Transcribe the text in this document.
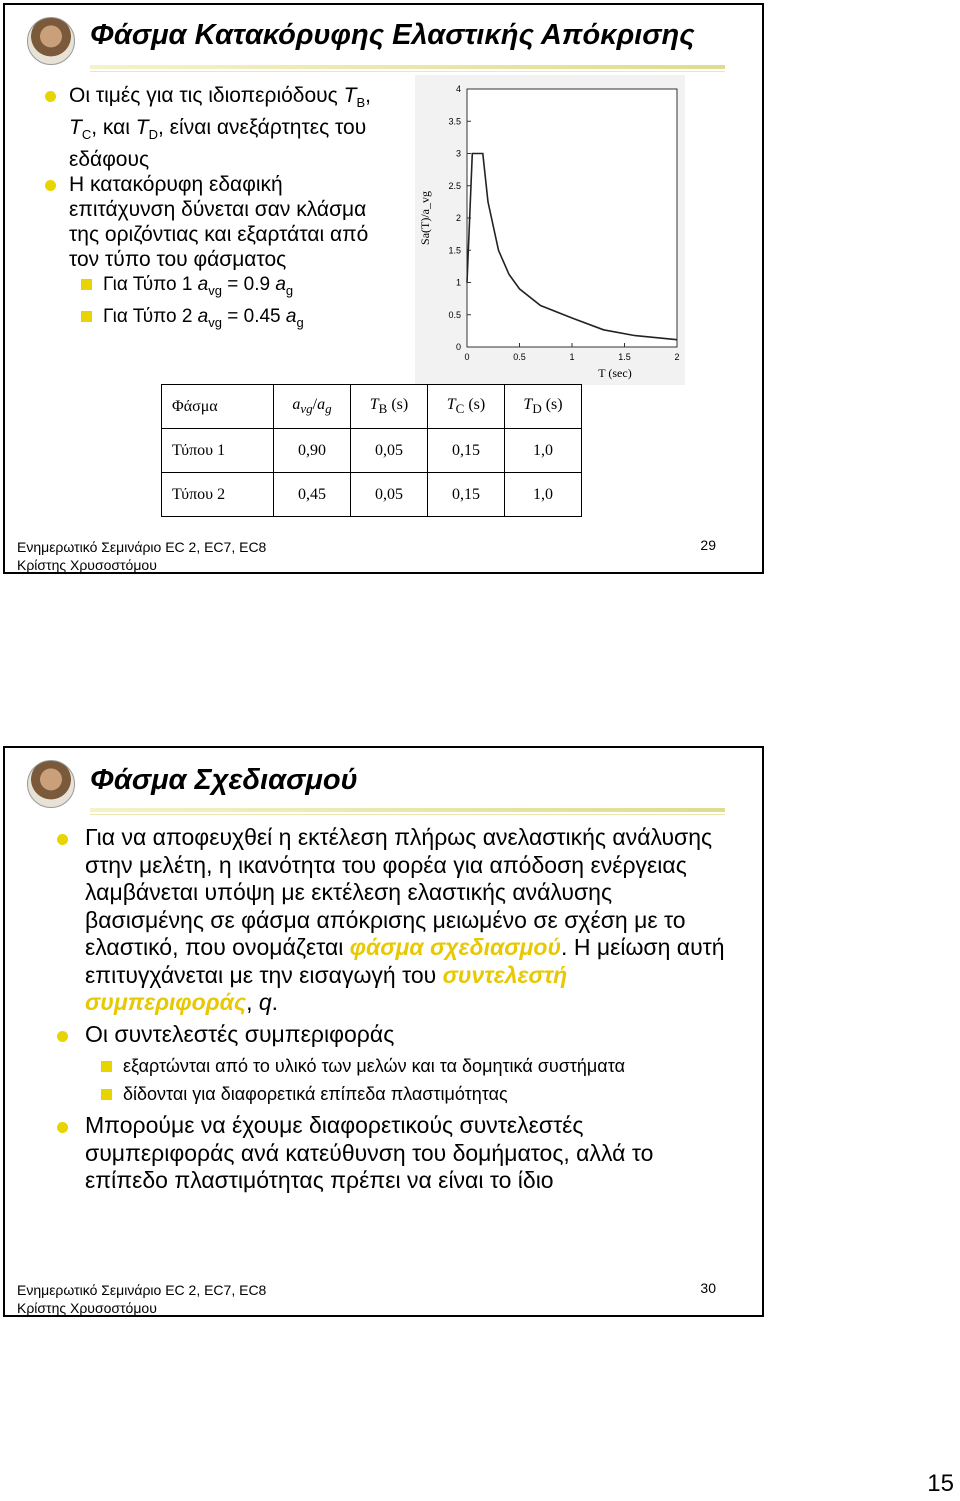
Φάσμα Κατακόρυφης Ελαστικής Απόκρισης
Οι τιμές για τις ιδιοπεριόδους $T_B$, $T_C$, και $T_D$, είναι ανεξάρτητες του εδάφους
Η κατακόρυφη εδαφική επιτάχυνση δύνεται σαν κλάσμα της οριζόντιας και εξαρτάται από τον τύπο του φάσματος
Για Τύπο 1 $a_{vg} = 0.9$ $a_g$
Για Τύπο 2 $a_{vg} = 0.45$ $a_g$
0
0.5
1
1.5
2
2.5
3
3.5
4
0	0.5	1	1.5	2
Sa(T)/a_vg
T (sec)
Φάσμα	$a_{vg}/a_g$	$T_B$ (s)	$T_C$ (s)	$T_D$ (s)
Τύπου 1	0,90	0,05	0,15	1,0
Τύπου 2	0,45	0,05	0,15	1,0
Ενημερωτικό Σεμινάριο EC 2, EC7, EC8
Κρίστης Χρυσοστόμου
29
Φάσμα Σχεδιασμού
Για να αποφευχθεί η εκτέλεση πλήρως ανελαστικής ανάλυσης στην μελέτη, η ικανότητα του φορέα για απόδοση ενέργειας λαμβάνεται υπόψη με εκτέλεση ελαστικής ανάλυσης βασισμένης σε φάσμα απόκρισης μειωμένο σε σχέση με το ελαστικό, που ονομάζεται φάσμα σχεδιασμού. Η μείωση αυτή επιτυγχάνεται με την εισαγωγή του συντελεστή συμπεριφοράς, q.
Οι συντελεστές συμπεριφοράς
εξαρτώνται από το υλικό των μελών και τα δομητικά συστήματα
δίδονται για διαφορετικά επίπεδα πλαστιμότητας
Μπορούμε να έχουμε διαφορετικούς συντελεστές συμπεριφοράς ανά κατεύθυνση του δομήματος, αλλά το επίπεδο πλαστιμότητας πρέπει να είναι το ίδιο
Ενημερωτικό Σεμινάριο EC 2, EC7, EC8
Κρίστης Χρυσοστόμου
30
15
